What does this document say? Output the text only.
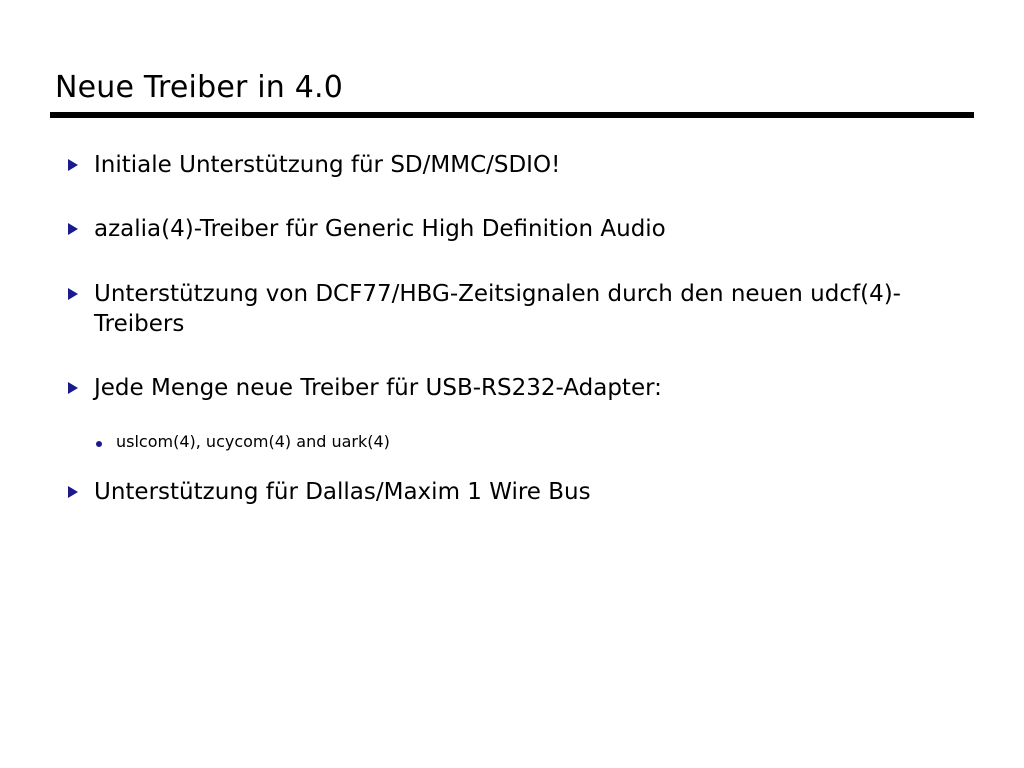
Neue Treiber in 4.0
Initiale Unterstützung für SD/MMC/SDIO!
azalia(4)-Treiber für Generic High Definition Audio
Unterstützung von DCF77/HBG-Zeitsignalen durch den neuen udcf(4)-Treibers
Jede Menge neue Treiber für USB-RS232-Adapter:
uslcom(4), ucycom(4) and uark(4)
Unterstützung für Dallas/Maxim 1 Wire Bus
